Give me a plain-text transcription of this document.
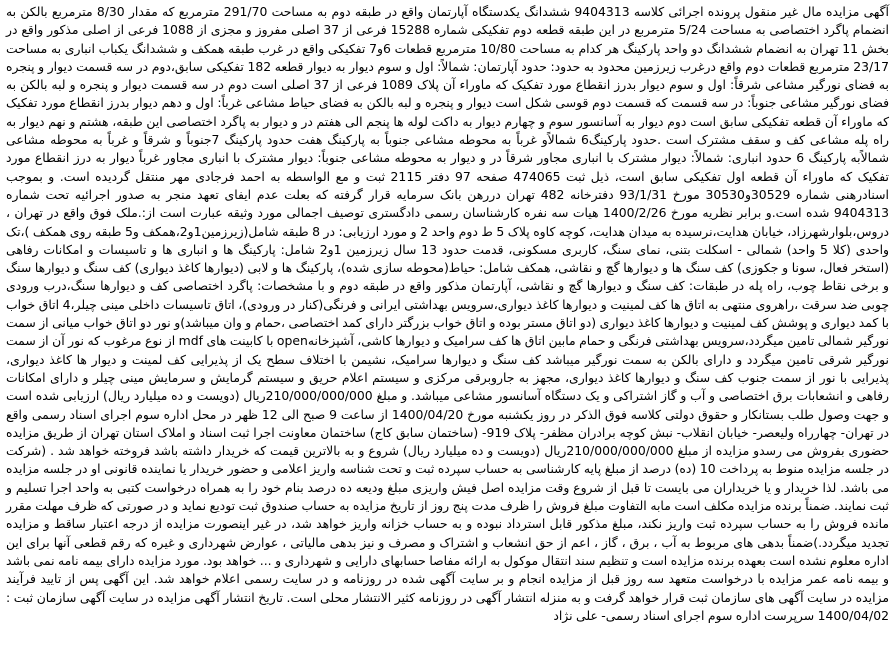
آگهی مزایده مال غیر منقول پرونده اجرائی کلاسه 9404313 ششدانگ یکدستگاه آپارتمان واقع در طبقه دوم به مساحت 291/70 مترمربع که مقدار 8/30 مترمربع بالکن به انضمام پاگرد اختصاصی به مساحت 5/24 مترمربع در این طبقه قطعه دوم تفکیکی شماره 15288 فرعی از 37 اصلی مفروز و مجزی از 1088 فرعی از اصلی مذکور واقع در بخش 11 تهران به انضمام ششدانگ دو واحد پارکینگ هر کدام به مساحت 10/80 مترمربع قطعات 6و7 تفکیکی واقع در غرب طبقه همکف و ششدانگ یکباب انباری به مساحت 23/17 مترمربع قطعات دوم واقع درغرب زیرزمین محدود به حدود: حدود آپارتمان: شمالاً: اول و سوم دیوار به دیوار قطعه 182 تفکیکی سابق،دوم در سه قسمت دیوار و پنجره به فضای نورگیر مشاعی شرقاً: اول و سوم دیوار بدرز انقطاع مورد تفکیک که ماوراء آن پلاک 1089 فرعی از 37 اصلی است دوم در سه قسمت دیوار و پنجره و لبه بالکن به فضای نورگیر مشاعی جنوباً: در سه قسمت که قسمت دوم قوسی شکل است دیوار و پنجره و لبه بالکن به فضای حیاط مشاعی غرباً: اول و دهم دیوار بدرز انقطاع مورد تفکیک که ماوراء آن قطعه تفکیکی سابق است دوم دیوار به آسانسور سوم و چهارم دیوار به داکت لوله ها پنجم الی هفتم در و دیوار به پاگرد اختصاصی این طبقه، هشتم و نهم دیوار به راه پله مشاعی کف و سقف مشترک است .حدود پارکینگ6 شمالاًو غرباً به محوطه مشاعی جنوباً به پارکینگ هفت حدود پارکینگ 7جنوباً و شرقاً و غرباً به محوطه مشاعی شمالاًبه پارکینگ 6 حدود انباری: شمالاً: دیوار مشترک با انباری مجاور شرقاً در و دیوار به محوطه مشاعی جنوباً: دیوار مشترک با انباری مجاور غرباً دیوار به درز انقطاع مورد تفکیک که ماوراء آن قطعه اول تفکیکی سابق است، ذیل ثبت 474065 صفحه 97 دفتر 2115 ثبت و مع الواسطه به احمد فرجادی مهر منتقل گردیده است. و بموجب اسنادرهنی شماره 30529و30530 مورخ 93/1/31 دفترخانه 482 تهران دررهن بانک سرمایه قرار گرفته که بعلت عدم ایفای تعهد منجر به صدور اجرائیه تحت شماره 9404313 شده است.و برابر نظریه مورخ 1400/2/26 هیات سه نفره کارشناسان رسمی دادگستری توصیف اجمالی مورد وثیقه عبارت است از:.ملک فوق واقع در تهران ، دروس،بلوارشهرزاد، خیابان هدایت،نرسیده به میدان هدایت، کوچه کاوه پلاک 5 ط دوم واحد 2 و مورد ارزیابی: در 8 طبقه شامل(زیرزمین1و2،همکف و5 طبقه روی همکف )،تک واحدی (کلا 5 واحد) شمالی - اسکلت بتنی، نمای سنگ، کاربری مسکونی، قدمت حدود 13 سال زیرزمین 1و2 شامل: پارکینگ ها و انباری ها و تاسیسات و امکانات رفاهی (استخر فعال، سونا و جکوزی) کف سنگ ها و دیوارها گچ و نقاشی، همکف شامل: حیاط(محوطه سازی شده)، پارکینگ ها و لابی (دیوارها کاغذ دیواری) کف سنگ و دیوارها سنگ و برخی نقاط چوب، راه پله در طبقات: کف سنگ و دیوارها گچ و نقاشی، آپارتمان مذکور واقع در طبقه دوم و با مشخصات: پاگرد اختصاصی کف و دیوارها سنگ،درب ورودی چوبی ضد سرقت ،راهروی منتهی به اتاق ها کف لمینیت و دیوارها کاغذ دیواری،سرویس بهداشتی ایرانی و فرنگی(کنار در ورودی)، اتاق تاسیسات داخلی مینی چیلر،4 اتاق خواب با کمد دیواری و پوشش کف لمینیت و دیوارها کاغذ دیواری (دو اتاق مستر بوده و اتاق خواب بزرگتر دارای کمد اختصاصی ،حمام و وان میباشد)و نور دو اتاق خواب میانی از سمت نورگیر شمالی تامین میگردد،سرویس بهداشتی فرنگی و حمام مابین اتاق ها کف سرامیک و دیوارها کاشی، آشپزخانهopen با کابینت های mdf از نوع مرغوب که نور آن از سمت نورگیر شرقی تامین میگردد و دارای بالکن به سمت نورگیر میباشد کف سنگ و دیوارها سرامیک، نشیمن با اختلاف سطح یک از پذیرایی کف لمینت و دیوار ها کاغذ دیواری، پذیرایی با نور از سمت جنوب کف سنگ و دیوارها کاغذ دیواری، مجهز به جاروبرقی مرکزی و سیستم اعلام حریق و سیستم گرمایش و سرمایش مینی چیلر و دارای امکانات رفاهی و انشعابات برق اختصاصی و آب و گاز اشتراکی و یک دستگاه آسانسور مشاعی میباشد. و مبلغ 210/000/000/000ریال (دویست و ده میلیارد ریال) ارزیابی شده است و جهت وصول طلب بستانکار و حقوق دولتی کلاسه فوق الذکر در روز یکشنبه مورخ 1400/04/20 از ساعت 9 صبح الی 12 ظهر در محل اداره سوم اجرای اسناد رسمی واقع در تهران- چهارراه ولیعصر- خیابان انقلاب- نبش کوچه برادران مظفر- پلاک 919- (ساختمان سابق کاج) ساختمان معاونت اجرا ثبت اسناد و املاک استان تهران از طریق مزایده حضوری بفروش می رسدو مزایده از مبلغ 210/000/000/000ریال (دویست و ده میلیارد ریال) شروع و به بالاترین قیمت که خریدار داشته باشد فروخته خواهد شد . (شرکت در جلسه مزایده منوط به پرداخت 10 (ده) درصد از مبلغ پایه کارشناسی به حساب سپرده ثبت و تحت شناسه واریز اعلامی و حضور خریدار یا نماینده قانونی او در جلسه مزایده می باشد. لذا خریدار و یا خریداران می بایست تا قبل از شروع وقت مزایده اصل فیش واریزی مبلغ ودیعه ده درصد بنام خود را به همراه درخواست کتبی به واحد اجرا تسلیم و ثبت نمایند. ضمناً برنده مزایده مکلف است مابه التفاوت مبلغ فروش را ظرف مدت پنج روز از تاریخ مزایده به حساب صندوق ثبت تودیع نماید و در صورتی که ظرف مهلت مقرر مانده فروش را به حساب سپرده ثبت واریز نکند، مبلغ مذکور قابل استرداد نبوده و به حساب خزانه واریز خواهد شد، در غیر اینصورت مزایده از درجه اعتبار ساقط و مزایده تجدید میگردد.)ضمناً بدهی های مربوط به آب ، برق ، گاز ، اعم از حق انشعاب و اشتراک و مصرف و نیز بدهی مالیاتی ، عوارض شهرداری و غیره که رقم قطعی آنها برای این اداره معلوم نشده است بعهده برنده مزایده است و تنظیم سند انتقال موکول به ارائه مفاصا حسابهای دارایی و شهرداری و ... خواهد بود. مورد مزایده دارای بیمه نامه نمی باشد و بیمه نامه عمر مزایده با درخواست متعهد سه روز قبل از مزایده انجام و بر سایت آگهی شده در روزنامه و در سایت رسمی اعلام خواهد شد. این آگهی پس از تایید فرآیند مزایده در سایت آگهی های سازمان ثبت قرار خواهد گرفت و به منزله انتشار آگهی در روزنامه کثیر الانتشار محلی است. تاریخ انتشار آگهی مزایده در سایت آگهی سازمان ثبت : 1400/04/02 سرپرست اداره سوم اجرای اسناد رسمی- علی نژاد
